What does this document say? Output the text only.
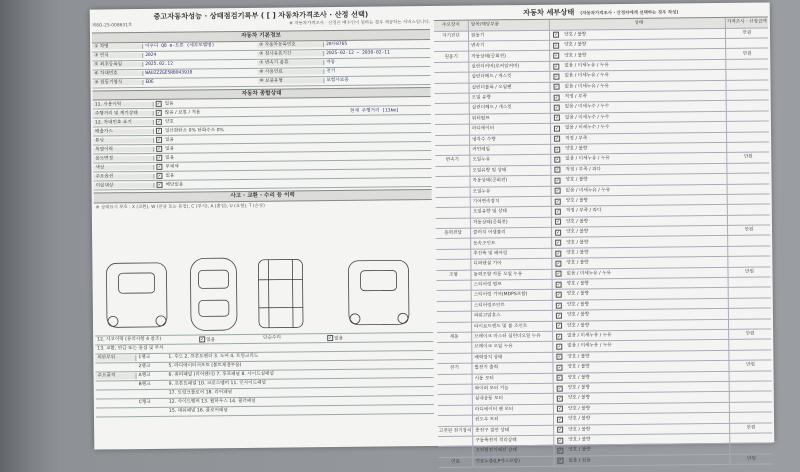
중고자동차성능 · 상태점검기록부 ( [ ] 자동차가격조사 · 산정 선택)
제8O-25-008631호	※ 자동차가격조사 · 산정은 매수인이 원하는 경우 제공하는 서비스입니다.
자동차 기본정보
① 차명	아우디 Q8 e-트론 (세부모델명)	② 자동차등록번호	28다8765
③ 연식	2024	④ 검사유효기간	2025-02-12 ~ 2030-02-11
⑤ 최초등록일	2025.02.12	⑦ 변속기 종류	자동
⑥ 차대번호	WAUZZZGE5RB043910	⑧ 사용연료	전기
⑨ 원동기형식	EDE	⑩ 보증유형	보험사보증
자동차 종합상태
11. 사용이력 ✓	없음
주행거리 및 계기상태 ✓	많음 / 보통 / 적음
현재 주행거리 [13km]
12. 차대번호 표기 ✓	양호
배출가스 ✓	일산화탄소 0% 탄화수소 0%
튜닝 ✓	없음
특별이력 ✓	없음
용도변경 ✓	없음
색상 ✓	무채색
주요옵션 ✓	없음
리콜대상 ✓	해당없음
사고 · 교환 · 수리 등 이력
※ 상태표시 부호 : X (교환), W (판금 또는 용접), C (부식), A (흠집), U (요철), T (손상)
12. 사고이력 (유의사항 4 참조) ✓	없음	단순수리 ✓	없음
13. 교환, 판금 또는 용접 및 부식
외판부위	1랭크	1. 후드 2. 프론트펜더 3. 도어 4. 트렁크리드
2랭크	5. 라디에이터서포트 (볼트체결부품)
주요골격	A랭크	6. 쿼터패널 (리어펜더) 7. 루프패널 8. 사이드실패널
B랭크	9. 프론트패널 10. 크로스멤버 11. 인사이드패널
17. 트렁크플로어 18. 리어패널
C랭크	12. 사이드멤버 13. 휠하우스 14. 필러패널
15. 대쉬패널 16. 플로어패널
자동차 세부상태 (자동차가격조사 · 산정자에게 선택하는 경우 작성)
주요장치	항목/해당부품	상태	가격조사 · 산정금액
자기진단	원동기 ✓	양호 / 불량	만원
변속기 ✓	양호 / 불량
원동기	작동상태(공회전) ✓	양호 / 불량	만원
실린더커버(로커암커버) ✓	없음 / 미세누유 / 누유
실린더헤드 / 개스킷 ✓	없음 / 미세누유 / 누유
실린더블록 / 오일팬 ✓	없음 / 미세누유 / 누유
오일 유량 ✓	적정 / 부족
실린더헤드 / 개스킷 ✓	없음 / 미세누수 / 누수
워터펌프 ✓	없음 / 미세누수 / 누수
라디에이터 ✓	없음 / 미세누수 / 누수
냉각수 수량 ✓	적정 / 부족
커먼레일 ✓	양호 / 불량
변속기	오일누유 ✓	없음 / 미세누유 / 누유	만원
오일유량 및 상태 ✓	적정 / 부족 / 과다
작동상태(공회전) ✓	양호 / 불량
오일누유 ✓	없음 / 미세누유 / 누유
기어변속장치 ✓	양호 / 불량
오일유량 및 상태 ✓	적정 / 부족 / 과다
작동상태(공회전) ✓	양호 / 불량
동력전달	클러치 어셈블리 ✓	양호 / 불량	만원
등속조인트 ✓	양호 / 불량
추진축 및 베어링 ✓	양호 / 불량
디퍼렌셜 기어 ✓	양호 / 불량
조향	동력조향 작동 오일 누유 ✓	없음 / 미세누유 / 누유	만원
스티어링 펌프 ✓	양호 / 불량
스티어링 기어(MDPS포함) ✓	양호 / 불량
스티어링조인트 ✓	양호 / 불량
파워고압호스 ✓	양호 / 불량
타이로드엔드 및 볼 조인트 ✓	양호 / 불량
제동	브레이크 마스터 실린더오일 누유 ✓	없음 / 미세누유 / 누유	만원
브레이크 오일 누유 ✓	없음 / 미세누유 / 누유
배력장치 상태 ✓	양호 / 불량
전기	발전기 출력 ✓	양호 / 불량	만원
시동 모터 ✓	양호 / 불량
와이퍼 모터 기능 ✓	양호 / 불량
실내송풍 모터 ✓	양호 / 불량
라디에이터 팬 모터 ✓	양호 / 불량
윈도우 모터 ✓	양호 / 불량
고전원 전기장치 충전구 절연 상태 ✓	양호 / 불량	만원
구동축전지 격리상태 ✓	양호 / 불량
고전원전기배선 상태 ✓	양호 / 불량
연료	연료누출(LP가스포함) ✓	없음 / 있음	만원
